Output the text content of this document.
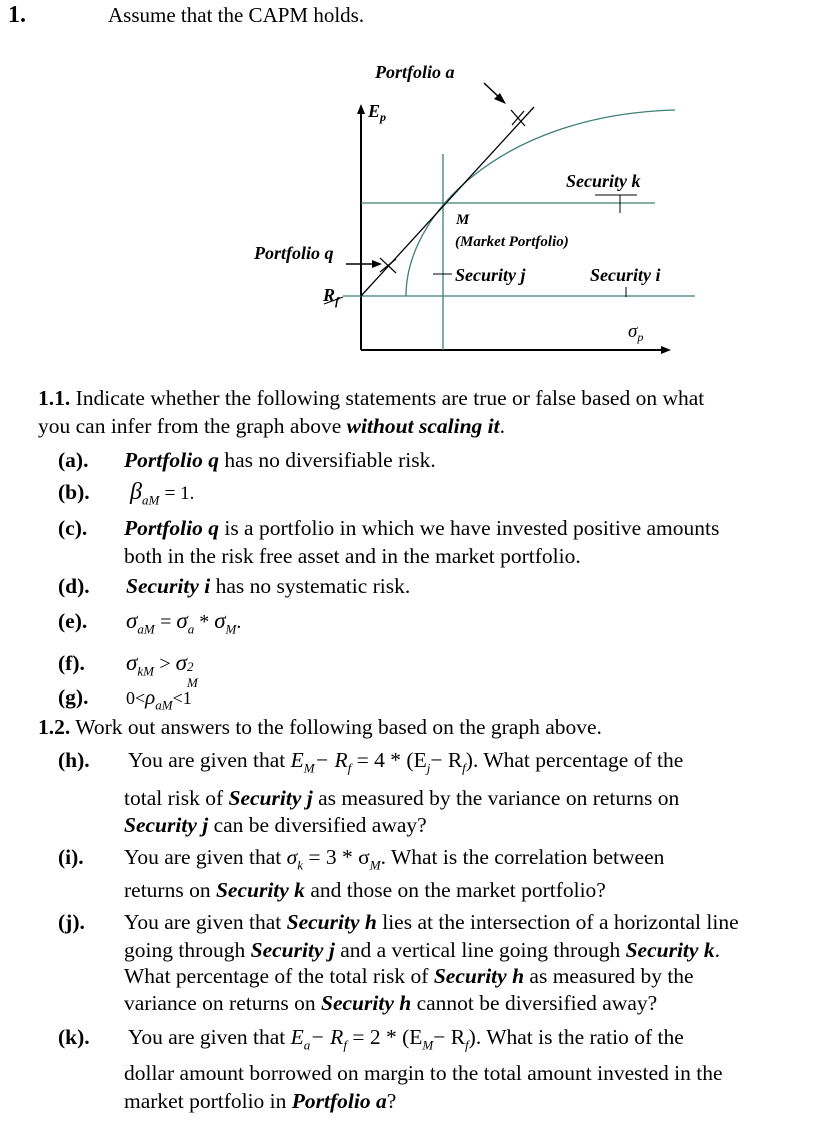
1.	Assume that the CAPM holds.
Portfolio a
$E_p$
Security k
M
(Market Portfolio)
Portfolio q
Security j	Security i
$R_f$
$\sigma_p$
1.1. Indicate whether the following statements are true or false based on what
you can infer from the graph above without scaling it.
(a). Portfolio q has no diversifiable risk.
(b). $\beta_{aM} = 1$.
(c). Portfolio q is a portfolio in which we have invested positive amounts
both in the risk free asset and in the market portfolio.
(d). Security i has no systematic risk.
(e). $\sigma_{aM} = \sigma_a * \sigma_M$.
(f). $\sigma_{kM} > \sigma$ 2
M
(g). $0<\rho_{aM}<1$
1.2. Work out answers to the following based on the graph above.
(h). You are given that $E_M- R_f = 4 * (E_j- R_f)$. What percentage of the
total risk of Security j as measured by the variance on returns on
Security j can be diversified away?
(i). You are given that $\sigma_k = 3 * \sigma_M$. What is the correlation between
returns on Security k and those on the market portfolio?
(j). You are given that Security h lies at the intersection of a horizontal line
going through Security j and a vertical line going through Security k.
What percentage of the total risk of Security h as measured by the
variance on returns on Security h cannot be diversified away?
(k). You are given that $E_a- R_f = 2 * (E_M- R_f)$. What is the ratio of the
dollar amount borrowed on margin to the total amount invested in the
market portfolio in Portfolio a?
